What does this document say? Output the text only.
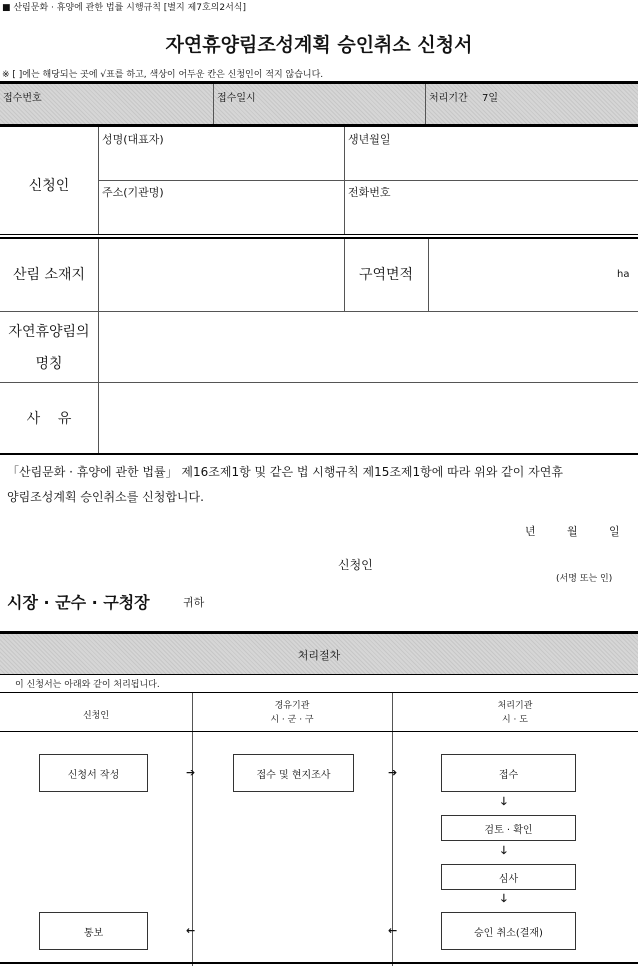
■ 산림문화 · 휴양에 관한 법률 시행규칙 [별지 제7호의2서식]
자연휴양림조성계획 승인취소 신청서
※ [ ]에는 해당되는 곳에 √표를 하고, 색상이 어두운 칸은 신청인이 적지 않습니다.
접수번호	접수일시	처리기간 7일
신청인
성명(대표자)	생년월일
주소(기관명)	전화번호
산림 소재지	구역면적	ha
자연휴양림의
명칭
사    유
「산림문화 · 휴양에 관한 법률」 제16조제1항 및 같은 법 시행규칙 제15조제1항에 따라 위와 같이 자연휴
양림조성계획 승인취소를 신청합니다.
년	월	일
신청인
(서명 또는 인)
시장 · 군수 · 구청장	귀하
처리절차
이 신청서는 아래와 같이 처리됩니다.
신청인
경유기관
시 · 군 · 구
처리기관
시 · 도
신청서 작성	접수 및 현지조사	접수
검토 · 확인
심사
승인 취소(결재)
통보
➔	➔
🡓
🡓
🡓
←	←
